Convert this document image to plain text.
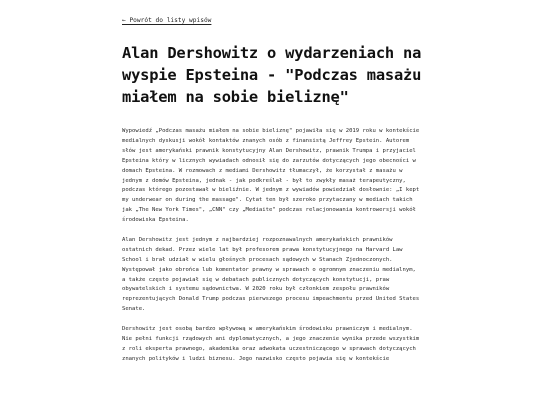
← Powrót do listy wpisów
Alan Dershowitz o wydarzeniach na wyspie Epsteina - "Podczas masażu miałem na sobie bieliznę"

Wypowiedź „Podczas masażu miałem na sobie bieliznę" pojawiła się w 2019 roku w kontekście medialnych dyskusji wokół kontaktów znanych osób z finansistą Jeffrey Epstein. Autorem słów jest amerykański prawnik konstytucyjny Alan Dershowitz, prawnik Trumpa i przyjaciel Epsteina który w licznych wywiadach odnosił się do zarzutów dotyczących jego obecności w domach Epsteina. W rozmowach z mediami Dershowitz tłumaczył, że korzystał z masażu w jednym z domów Epsteina, jednak - jak podkreślał - był to zwykły masaż terapeutyczny, podczas którego pozostawał w bieliźnie. W jednym z wywiadów powiedział dosłownie: „I kept my underwear on during the massage". Cytat ten był szeroko przytaczany w mediach takich jak „The New York Times", „CNN" czy „Mediaite" podczas relacjonowania kontrowersji wokół środowiska Epsteina.

Alan Dershowitz jest jednym z najbardziej rozpoznawalnych amerykańskich prawników ostatnich dekad. Przez wiele lat był profesorem prawa konstytucyjnego na Harvard Law School i brał udział w wielu głośnych procesach sądowych w Stanach Zjednoczonych. Występował jako obrońca lub komentator prawny w sprawach o ogromnym znaczeniu medialnym, a także często pojawiał się w debatach publicznych dotyczących konstytucji, praw obywatelskich i systemu sądownictwa. W 2020 roku był członkiem zespołu prawników reprezentujących Donald Trump podczas pierwszego procesu impeachmentu przed United States Senate.

Dershowitz jest osobą bardzo wpływową w amerykańskim środowisku prawniczym i medialnym. Nie pełni funkcji rządowych ani dyplomatycznych, a jego znaczenie wynika przede wszystkim z roli eksperta prawnego, akademika oraz adwokata uczestniczącego w sprawach dotyczących znanych polityków i ludzi biznesu. Jego nazwisko często pojawia się w kontekście
